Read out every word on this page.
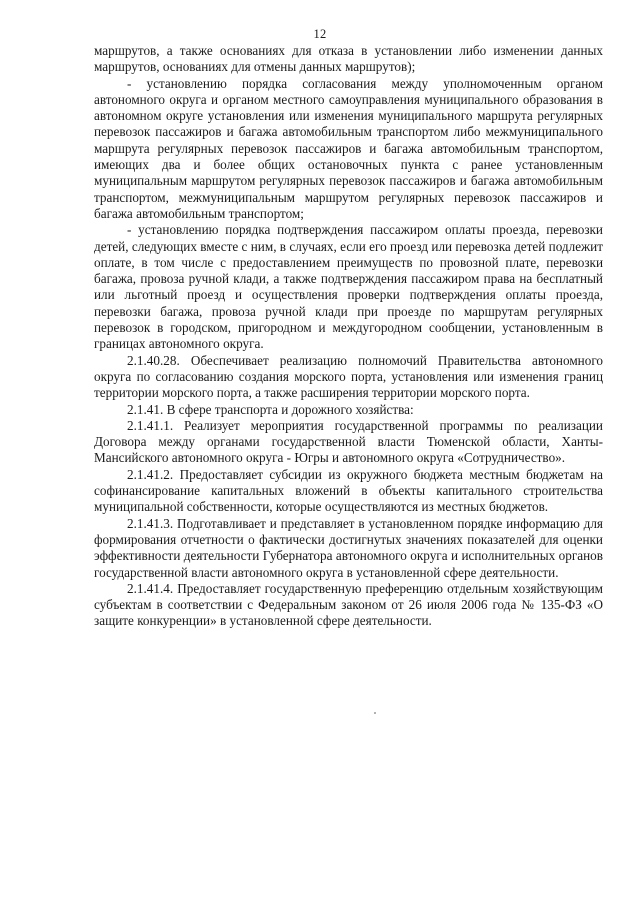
12

маршрутов, а также основаниях для отказа в установлении либо изменении данных маршрутов, основаниях для отмены данных маршрутов);

- установлению порядка согласования между уполномоченным органом автономного округа и органом местного самоуправления муниципального образования в автономном округе установления или изменения муниципального маршрута регулярных перевозок пассажиров и багажа автомобильным транспортом либо межмуниципального маршрута регулярных перевозок пассажиров и багажа автомобильным транспортом, имеющих два и более общих остановочных пункта с ранее установленным муниципальным маршрутом регулярных перевозок пассажиров и багажа автомобильным транспортом, межмуниципальным маршрутом регулярных перевозок пассажиров и багажа автомобильным транспортом;

- установлению порядка подтверждения пассажиром оплаты проезда, перевозки детей, следующих вместе с ним, в случаях, если его проезд или перевозка детей подлежит оплате, в том числе с предоставлением преимуществ по провозной плате, перевозки багажа, провоза ручной клади, а также подтверждения пассажиром права на бесплатный или льготный проезд и осуществления проверки подтверждения оплаты проезда, перевозки багажа, провоза ручной клади при проезде по маршрутам регулярных перевозок в городском, пригородном и междугородном сообщении, установленным в границах автономного округа.

2.1.40.28. Обеспечивает реализацию полномочий Правительства автономного округа по согласованию создания морского порта, установления или изменения границ территории морского порта, а также расширения территории морского порта.

2.1.41. В сфере транспорта и дорожного хозяйства:

2.1.41.1. Реализует мероприятия государственной программы по реализации Договора между органами государственной власти Тюменской области, Ханты-Мансийского автономного округа - Югры и автономного округа «Сотрудничество».

2.1.41.2. Предоставляет субсидии из окружного бюджета местным бюджетам на софинансирование капитальных вложений в объекты капитального строительства муниципальной собственности, которые осуществляются из местных бюджетов.

2.1.41.3. Подготавливает и представляет в установленном порядке информацию для формирования отчетности о фактически достигнутых значениях показателей для оценки эффективности деятельности Губернатора автономного округа и исполнительных органов государственной власти автономного округа в установленной сфере деятельности.

2.1.41.4. Предоставляет государственную преференцию отдельным хозяйствующим субъектам в соответствии с Федеральным законом от 26 июля 2006 года № 135-ФЗ «О защите конкуренции» в установленной сфере деятельности.
